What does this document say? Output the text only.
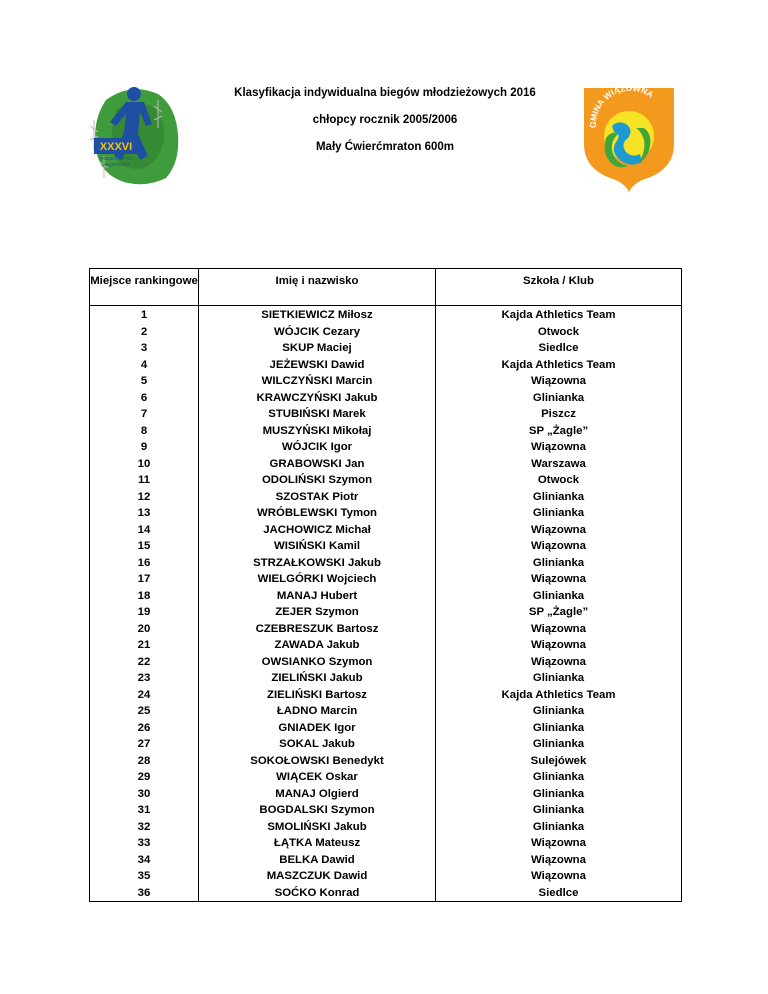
XXXVI
PÓŁMARATON
WIĄZOWSKI
Klasyfikacja indywidualna biegów młodzieżowych 2016
chłopcy rocznik 2005/2006
Mały Ćwierćmraton 600m
GMINA WIĄZOWNA
Miejsce rankingowe	Imię i nazwisko	Szkoła / Klub
1	SIETKIEWICZ Miłosz	Kajda Athletics Team
2	WÓJCIK Cezary	Otwock
3	SKUP Maciej	Siedlce
4	JEŻEWSKI Dawid	Kajda Athletics Team
5	WILCZYŃSKI Marcin	Wiązowna
6	KRAWCZYŃSKI Jakub	Glinianka
7	STUBIŃSKI Marek	Piszcz
8	MUSZYŃSKI Mikołaj	SP „Żagle”
9	WÓJCIK Igor	Wiązowna
10	GRABOWSKI Jan	Warszawa
11	ODOLIŃSKI Szymon	Otwock
12	SZOSTAK Piotr	Glinianka
13	WRÓBLEWSKI Tymon	Glinianka
14	JACHOWICZ Michał	Wiązowna
15	WISIŃSKI Kamil	Wiązowna
16	STRZAŁKOWSKI Jakub	Glinianka
17	WIELGÓRKI Wojciech	Wiązowna
18	MANAJ Hubert	Glinianka
19	ZEJER Szymon	SP „Żagle”
20	CZEBRESZUK Bartosz	Wiązowna
21	ZAWADA Jakub	Wiązowna
22	OWSIANKO Szymon	Wiązowna
23	ZIELIŃSKI Jakub	Glinianka
24	ZIELIŃSKI Bartosz	Kajda Athletics Team
25	ŁADNO Marcin	Glinianka
26	GNIADEK Igor	Glinianka
27	SOKAL Jakub	Glinianka
28	SOKOŁOWSKI Benedykt	Sulejówek
29	WIĄCEK Oskar	Glinianka
30	MANAJ Olgierd	Glinianka
31	BOGDALSKI Szymon	Glinianka
32	SMOLIŃSKI Jakub	Glinianka
33	ŁĄTKA Mateusz	Wiązowna
34	BELKA Dawid	Wiązowna
35	MASZCZUK Dawid	Wiązowna
36	SOĆKO Konrad	Siedlce
